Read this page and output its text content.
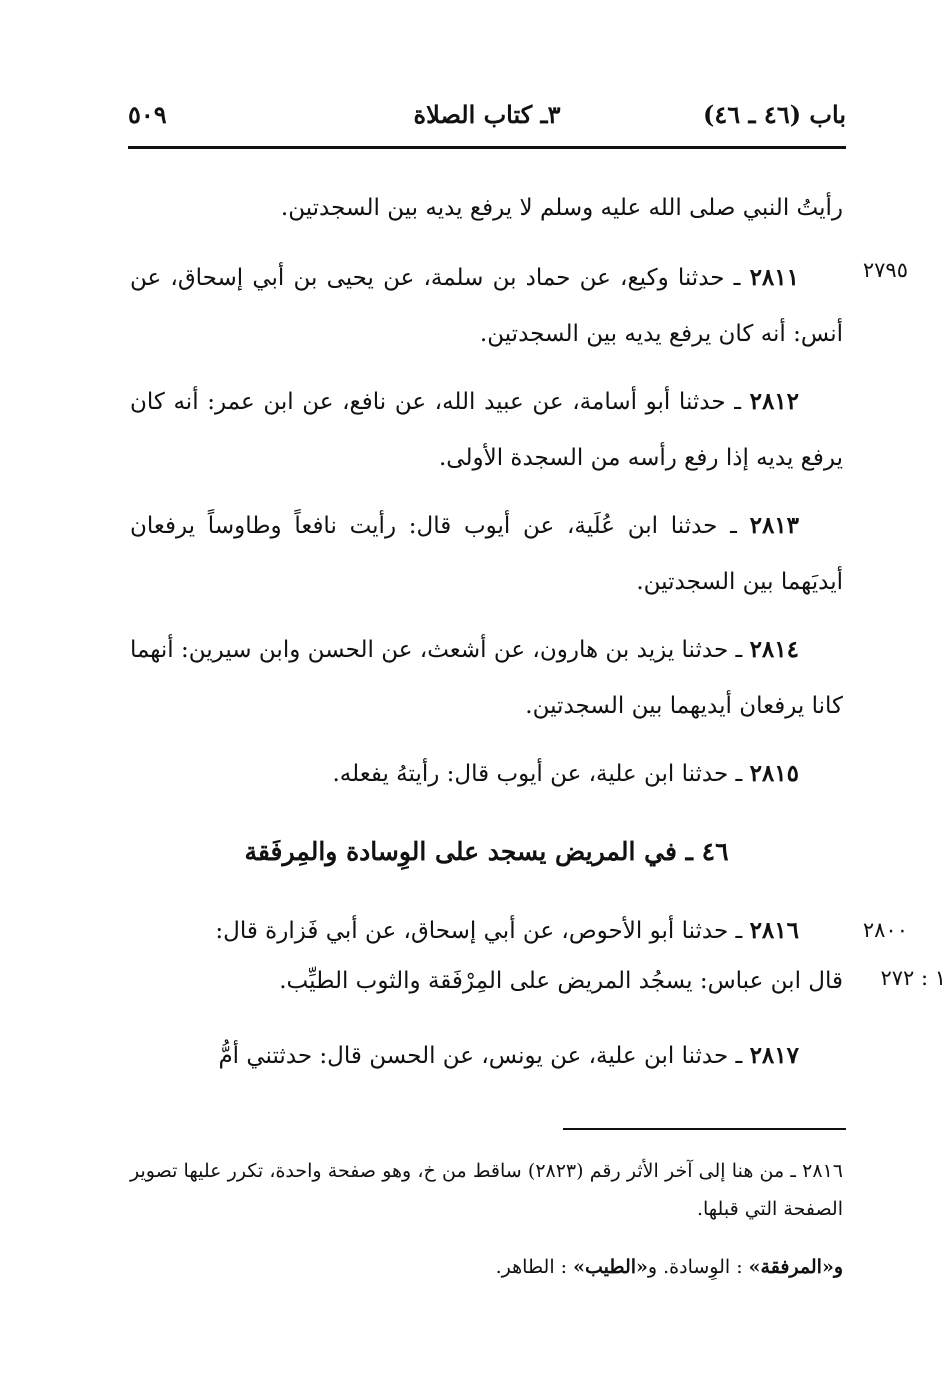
باب (٤٦ ـ ٤٦)
٣ـ كتاب الصلاة
٥٠٩
رأيتُ النبي صلى الله عليه وسلم لا يرفع يديه بين السجدتين.
٢٧٩٥
٢٨١١ ـ حدثنا وكيع، عن حماد بن سلمة، عن يحيى بن أبي إسحاق، عن أنس: أنه كان يرفع يديه بين السجدتين.
٢٨١٢ ـ حدثنا أبو أسامة، عن عبيد الله، عن نافع، عن ابن عمر: أنه كان يرفع يديه إذا رفع رأسه من السجدة الأولى.
٢٨١٣ ـ حدثنا ابن عُلَية، عن أيوب قال: رأيت نافعاً وطاوساً يرفعان أيديَهما بين السجدتين.
٢٨١٤ ـ حدثنا يزيد بن هارون، عن أشعث، عن الحسن وابن سيرين: أنهما كانا يرفعان أيديهما بين السجدتين.
٢٨١٥ ـ حدثنا ابن علية، عن أيوب قال: رأيتهُ يفعله.
٤٦ ـ في المريض يسجد على الوِسادة والمِرفَقة
٢٨٠٠
١ : ٢٧٢
٢٨١٦ ـ حدثنا أبو الأحوص، عن أبي إسحاق، عن أبي فَزارة قال:
قال ابن عباس: يسجُد المريض على المِرْفَقة والثوب الطيِّب.
٢٨١٧ ـ حدثنا ابن علية، عن يونس، عن الحسن قال: حدثتني أمُّ
٢٨١٦ ـ من هنا إلى آخر الأثر رقم (٢٨٢٣) ساقط من خ، وهو صفحة واحدة، تكرر عليها تصوير الصفحة التي قبلها.
و«المرفقة» : الوِسادة. و«الطيب» : الطاهر.
